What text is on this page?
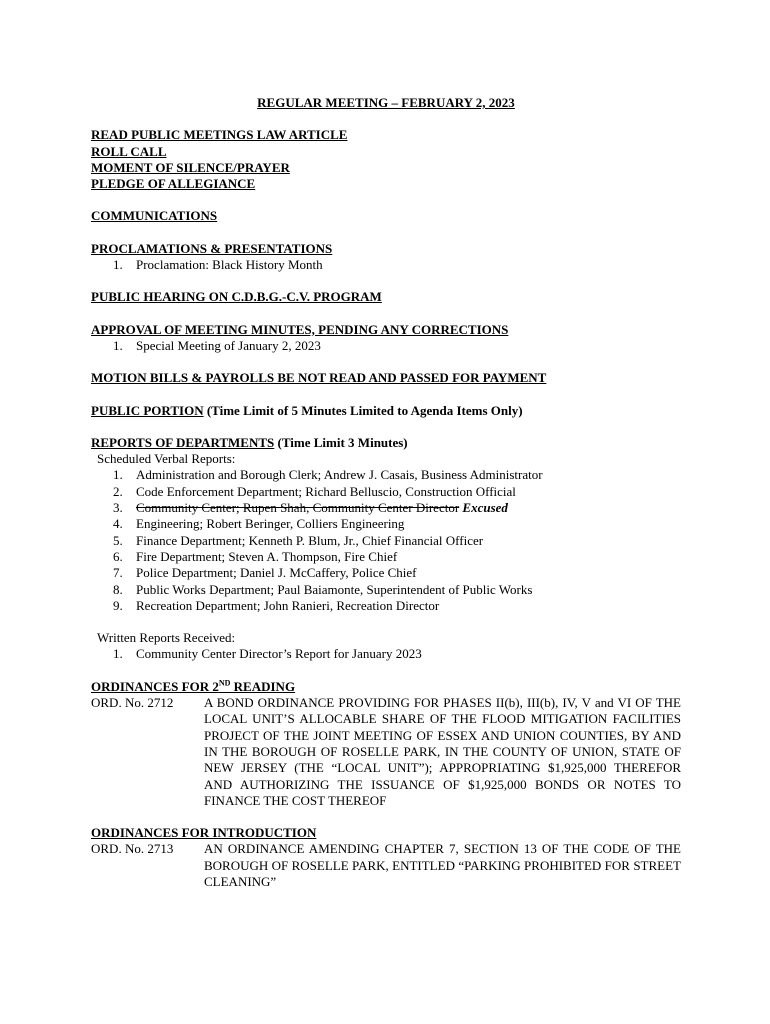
REGULAR MEETING – FEBRUARY 2, 2023
READ PUBLIC MEETINGS LAW ARTICLE
ROLL CALL
MOMENT OF SILENCE/PRAYER
PLEDGE OF ALLEGIANCE
COMMUNICATIONS
PROCLAMATIONS & PRESENTATIONS
1. Proclamation: Black History Month
PUBLIC HEARING ON C.D.B.G.-C.V. PROGRAM
APPROVAL OF MEETING MINUTES, PENDING ANY CORRECTIONS
1. Special Meeting of January 2, 2023
MOTION BILLS & PAYROLLS BE NOT READ AND PASSED FOR PAYMENT
PUBLIC PORTION (Time Limit of 5 Minutes Limited to Agenda Items Only)
REPORTS OF DEPARTMENTS (Time Limit 3 Minutes)
Scheduled Verbal Reports:
1. Administration and Borough Clerk; Andrew J. Casais, Business Administrator
2. Code Enforcement Department; Richard Belluscio, Construction Official
3. Community Center; Rupen Shah, Community Center Director Excused
4. Engineering; Robert Beringer, Colliers Engineering
5. Finance Department; Kenneth P. Blum, Jr., Chief Financial Officer
6. Fire Department; Steven A. Thompson, Fire Chief
7. Police Department; Daniel J. McCaffery, Police Chief
8. Public Works Department; Paul Baiamonte, Superintendent of Public Works
9. Recreation Department; John Ranieri, Recreation Director
Written Reports Received:
1. Community Center Director’s Report for January 2023
ORDINANCES FOR 2ND READING
ORD. No. 2712	A BOND ORDINANCE PROVIDING FOR PHASES II(b), III(b), IV, V and VI OF THE LOCAL UNIT’S ALLOCABLE SHARE OF THE FLOOD MITIGATION FACILITIES PROJECT OF THE JOINT MEETING OF ESSEX AND UNION COUNTIES, BY AND IN THE BOROUGH OF ROSELLE PARK, IN THE COUNTY OF UNION, STATE OF NEW JERSEY (THE “LOCAL UNIT”); APPROPRIATING $1,925,000 THEREFOR AND AUTHORIZING THE ISSUANCE OF $1,925,000 BONDS OR NOTES TO FINANCE THE COST THEREOF
ORDINANCES FOR INTRODUCTION
ORD. No. 2713	AN ORDINANCE AMENDING CHAPTER 7, SECTION 13 OF THE CODE OF THE BOROUGH OF ROSELLE PARK, ENTITLED “PARKING PROHIBITED FOR STREET CLEANING”
